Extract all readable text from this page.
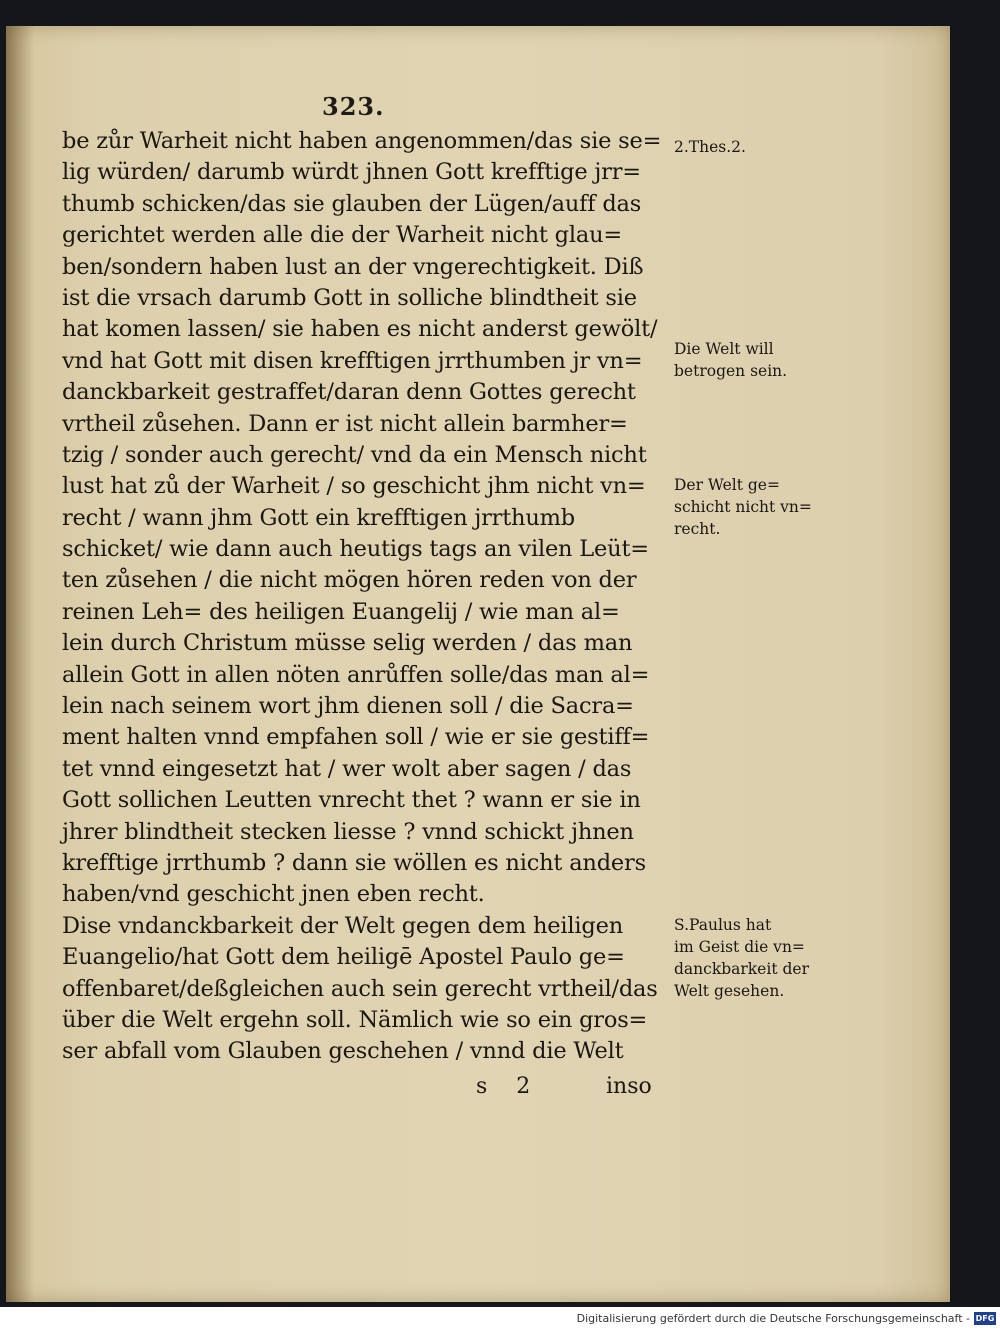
323.
be zůr Warheit nicht haben angenommen/das sie se=
lig würden/ darumb würdt jhnen Gott krefftige jrr=
thumb schicken/das sie glauben der Lügen/auff das
gerichtet werden alle die der Warheit nicht glau=
ben/sondern haben lust an der vngerechtigkeit. Diß
ist die vrsach darumb Gott in solliche blindtheit sie
hat komen lassen/ sie haben es nicht anderst gewölt/
vnd hat Gott mit disen krefftigen jrrthumben jr vn=
danckbarkeit gestraffet/daran denn Gottes gerecht
vrtheil zůsehen. Dann er ist nicht allein barmher=
tzig / sonder auch gerecht/ vnd da ein Mensch nicht
lust hat zů der Warheit / so geschicht jhm nicht vn=
recht / wann jhm Gott ein krefftigen jrrthumb
schicket/ wie dann auch heutigs tags an vilen Leüt=
ten zůsehen / die nicht mögen hören reden von der
reinen Leh= des heiligen Euangelij / wie man al=
lein durch Christum müsse selig werden / das man
allein Gott in allen nöten anrůffen solle/das man al=
lein nach seinem wort jhm dienen soll / die Sacra=
ment halten vnnd empfahen soll / wie er sie gestiff=
tet vnnd eingesetzt hat / wer wolt aber sagen / das
Gott sollichen Leutten vnrecht thet ? wann er sie in
jhrer blindtheit stecken liesse ? vnnd schickt jhnen
krefftige jrrthumb ? dann sie wöllen es nicht anders
haben/vnd geschicht jnen eben recht.
Dise vndanckbarkeit der Welt gegen dem heiligen
Euangelio/hat Gott dem heiligē Apostel Paulo ge=
offenbaret/deßgleichen auch sein gerecht vrtheil/das
über die Welt ergehn soll. Nämlich wie so ein gros=
ser abfall vom Glauben geschehen / vnnd die Welt
2.Thes.2.
Die Welt will
betrogen sein.
Der Welt ge=
schicht nicht vn=
recht.
S.Paulus hat
im Geist die vn=
danckbarkeit der
Welt gesehen.
s 2	inso
Digitalisierung gefördert durch die Deutsche Forschungsgemeinschaft - DFG
